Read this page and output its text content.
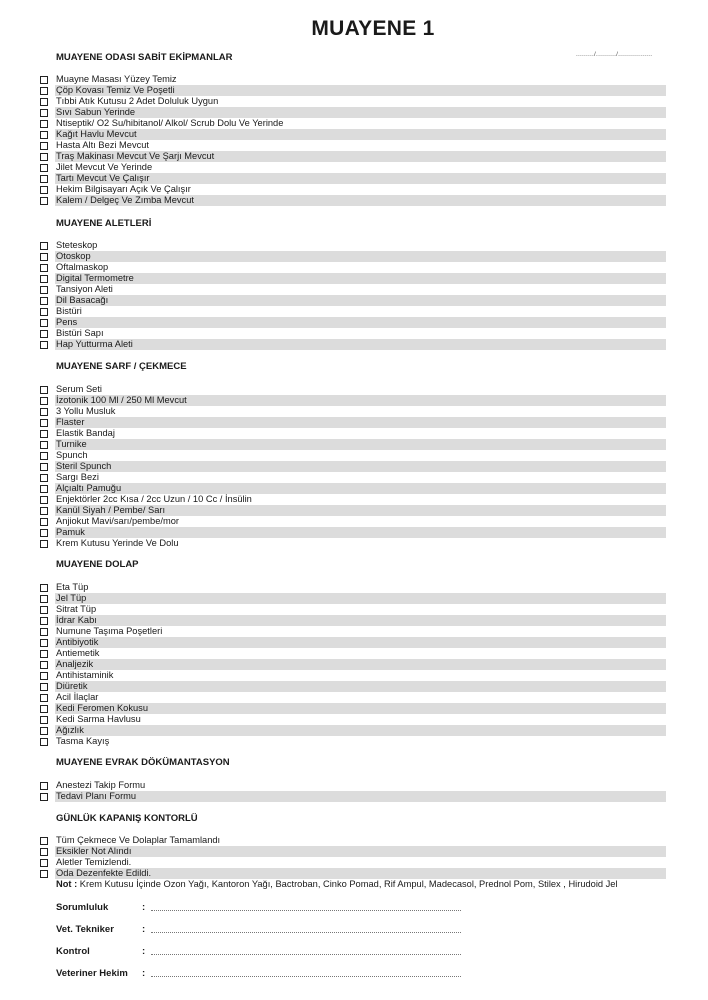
MUAYENE 1
........./........../.................
MUAYENE ODASI SABİT EKİPMANLAR
Muayne Masası Yüzey Temiz
Çöp Kovası Temiz Ve Poşetli
Tıbbi Atık Kutusu 2 Adet Doluluk Uygun
Sıvı Sabun Yerinde
Ntiseptik/ O2 Su/hibitanol/ Alkol/ Scrub Dolu Ve Yerinde
Kağıt Havlu Mevcut
Hasta Altı Bezi Mevcut
Traş Makinası Mevcut Ve Şarjı Mevcut
Jilet Mevcut Ve Yerinde
Tartı Mevcut Ve Çalışır
Hekim Bilgisayarı Açık Ve Çalışır
Kalem / Delgeç Ve Zımba Mevcut
MUAYENE ALETLERİ
Steteskop
Otoskop
Oftalmaskop
Digital Termometre
Tansiyon Aleti
Dil Basacağı
Bistüri
Pens
Bistüri Sapı
Hap Yutturma Aleti
MUAYENE SARF / ÇEKMECE
Serum Seti
İzotonik 100 Ml / 250 Ml Mevcut
3 Yollu Musluk
Flaster
Elastik Bandaj
Turnike
Spunch
Steril Spunch
Sargı Bezi
Alçıaltı Pamuğu
Enjektörler 2cc Kısa / 2cc Uzun / 10 Cc / İnsülin
Kanül Siyah / Pembe/ Sarı
Anjiokut Mavi/sarı/pembe/mor
Pamuk
Krem Kutusu Yerinde Ve Dolu
MUAYENE DOLAP
Eta Tüp
Jel Tüp
Sitrat Tüp
İdrar Kabı
Numune Taşıma Poşetleri
Antibiyotik
Antiemetik
Analjezik
Antihistaminik
Diüretik
Acil İlaçlar
Kedi Feromen Kokusu
Kedi Sarma Havlusu
Ağızlık
Tasma Kayış
MUAYENE EVRAK DÖKÜMANTASYON
Anestezi Takip Formu
Tedavi Planı Formu
GÜNLÜK KAPANIŞ KONTORLÜ
Tüm Çekmece Ve Dolaplar Tamamlandı
Eksikler Not Alındı
Aletler Temizlendi.
Oda Dezenfekte Edildi.
Not : Krem Kutusu İçinde Ozon Yağı, Kantoron Yağı, Bactroban, Cinko Pomad, Rif Ampul, Madecasol, Prednol Pom, Stilex , Hirudoid Jel
Sorumluluk	:
Vet. Tekniker	:
Kontrol	:
Veteriner Hekim :
